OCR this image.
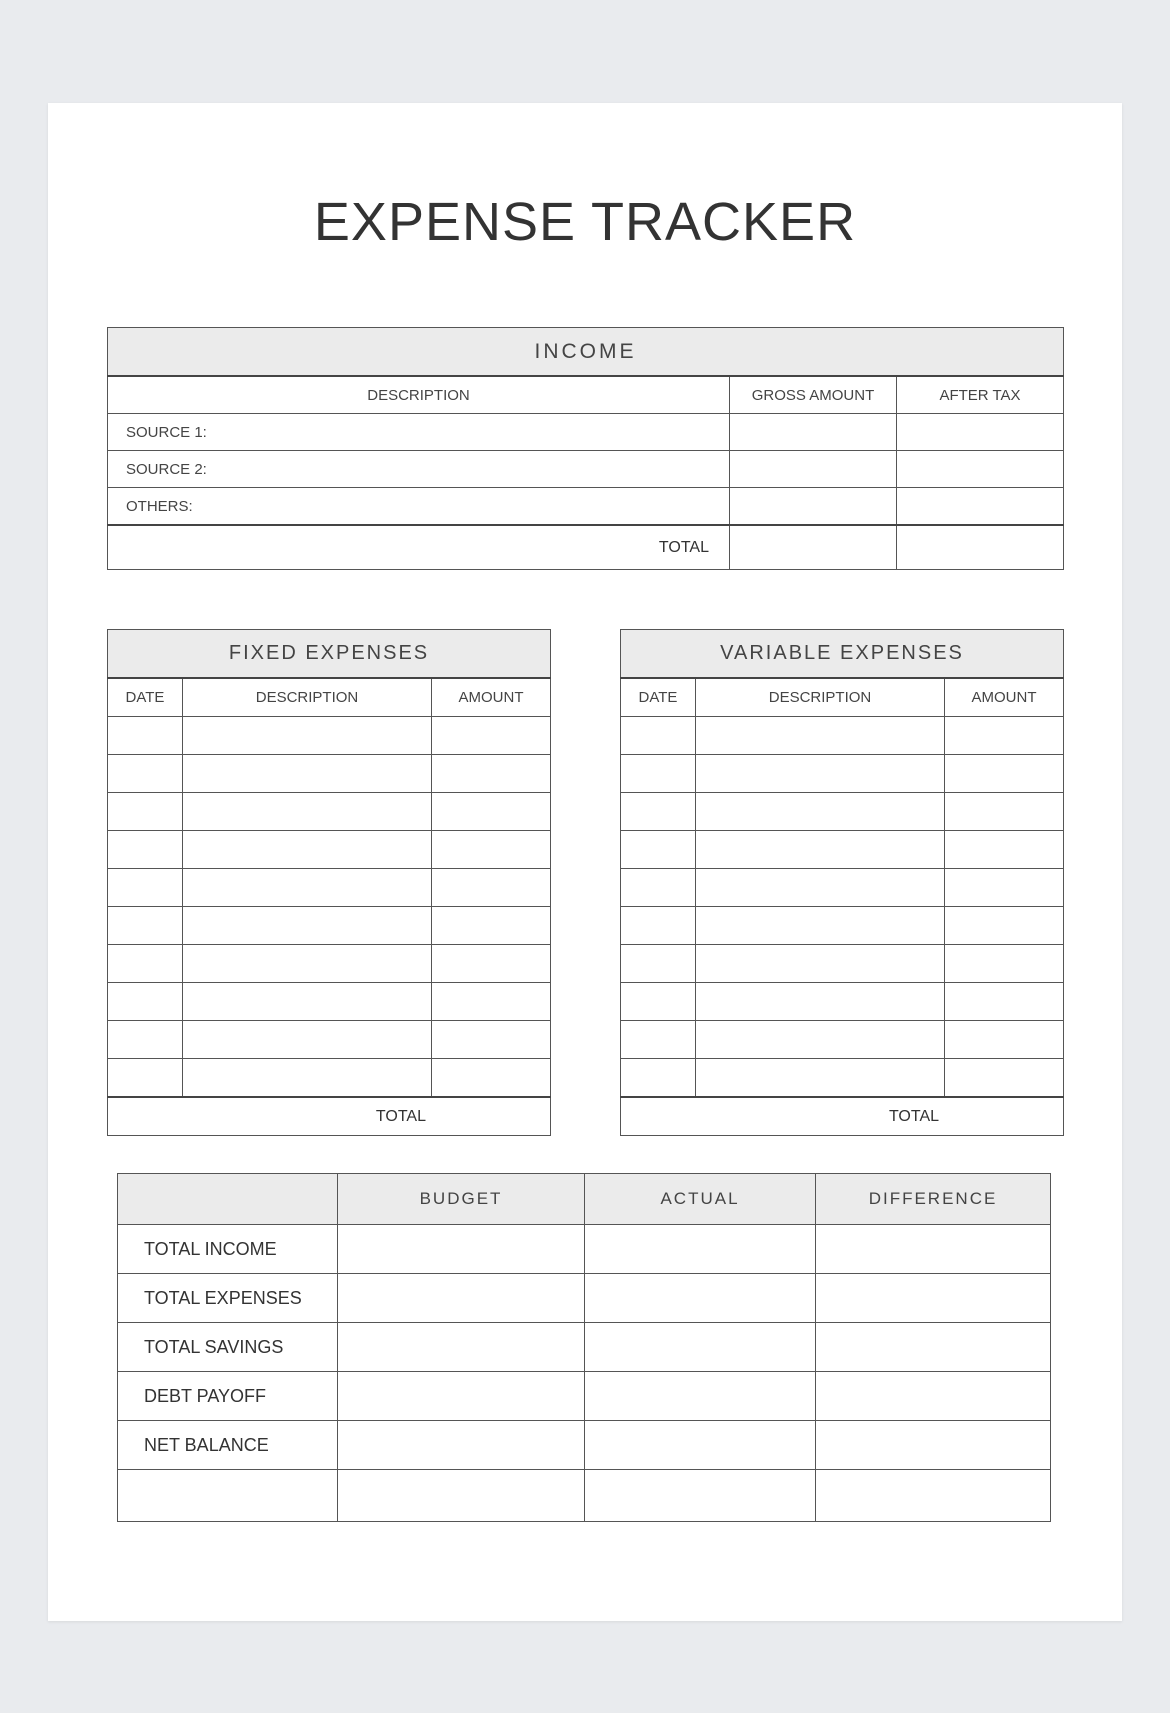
EXPENSE TRACKER
INCOME		
DESCRIPTION	GROSS AMOUNT	AFTER TAX
SOURCE 1:		
SOURCE 2:		
OTHERS:		
TOTAL		
FIXED EXPENSES		
DATE	DESCRIPTION	AMOUNT

TOTAL		
VARIABLE EXPENSES		
DATE	DESCRIPTION	AMOUNT

TOTAL		
	BUDGET	ACTUAL	DIFFERENCE
TOTAL INCOME			
TOTAL EXPENSES			
TOTAL SAVINGS			
DEBT PAYOFF			
NET BALANCE			
